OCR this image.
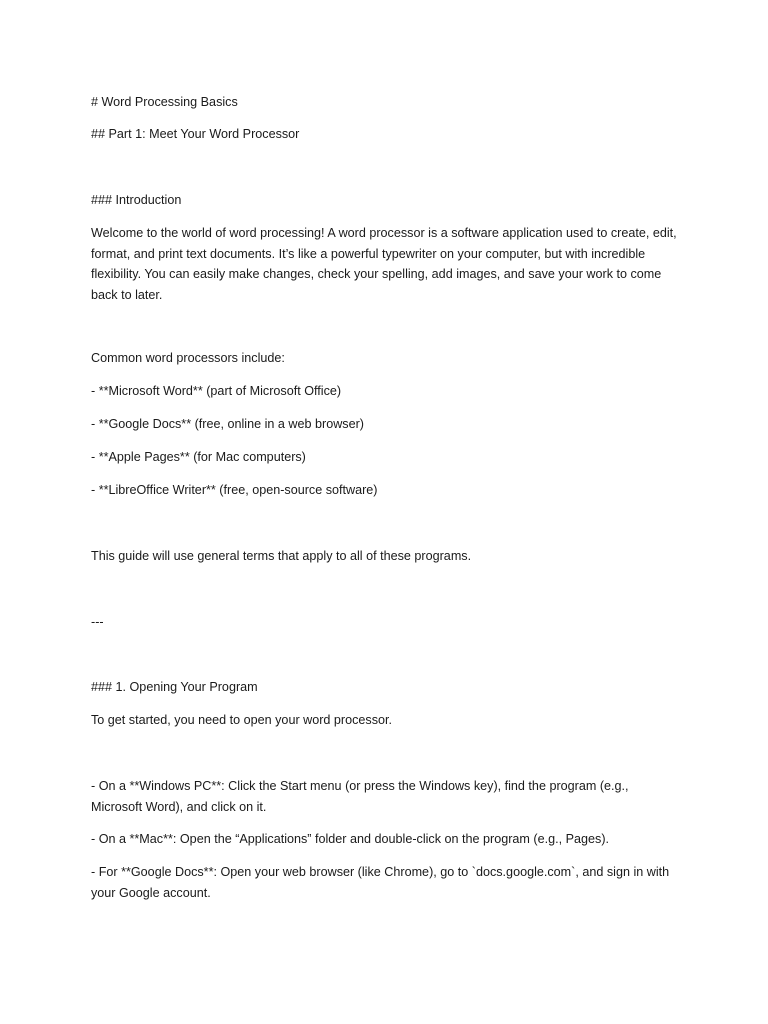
# Word Processing Basics

## Part 1: Meet Your Word Processor

### Introduction

Welcome to the world of word processing! A word processor is a software application used to create, edit, format, and print text documents. It’s like a powerful typewriter on your computer, but with incredible flexibility. You can easily make changes, check your spelling, add images, and save your work to come back to later.

Common word processors include:

- **Microsoft Word** (part of Microsoft Office)

- **Google Docs** (free, online in a web browser)

- **Apple Pages** (for Mac computers)

- **LibreOffice Writer** (free, open-source software)

This guide will use general terms that apply to all of these programs.

---

### 1. Opening Your Program

To get started, you need to open your word processor.

- On a **Windows PC**: Click the Start menu (or press the Windows key), find the program (e.g., Microsoft Word), and click on it.

- On a **Mac**: Open the “Applications” folder and double-click on the program (e.g., Pages).

- For **Google Docs**: Open your web browser (like Chrome), go to `docs.google.com`, and sign in with your Google account.
